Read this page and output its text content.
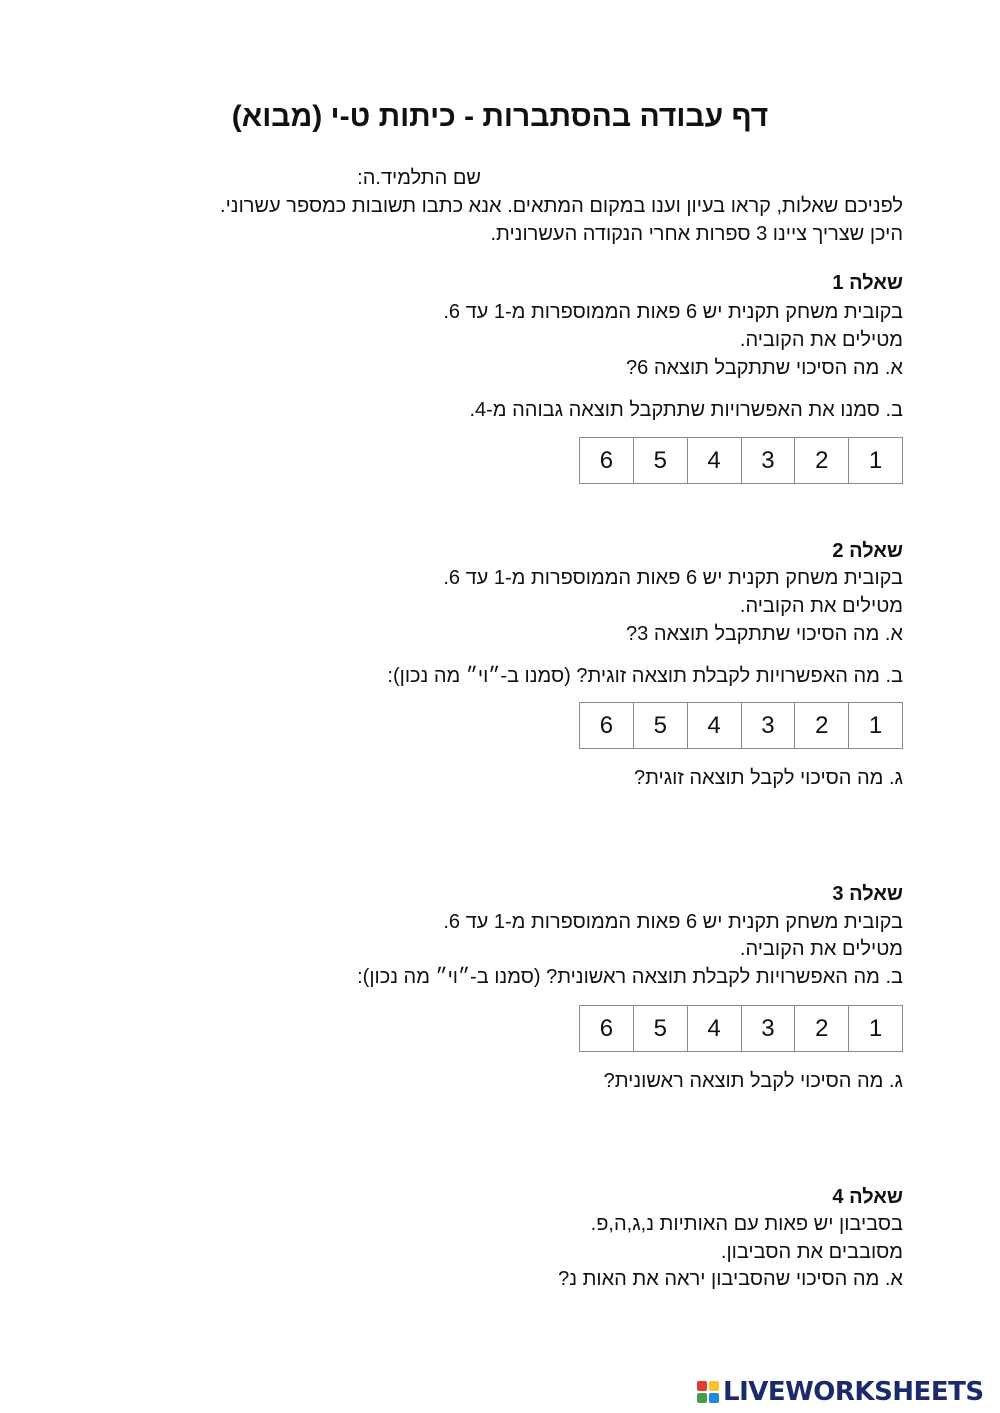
דף עבודה בהסתברות - כיתות ט-י (מבוא)
שם התלמיד.ה:
לפניכם שאלות, קראו בעיון וענו במקום המתאים. אנא כתבו תשובות כמספר עשרוני.
היכן שצריך ציינו 3 ספרות אחרי הנקודה העשרונית.
שאלה 1
בקובית משחק תקנית יש 6 פאות הממוספרות מ-1 עד 6.
מטילים את הקוביה.
א. מה הסיכוי שתתקבל תוצאה 6?
ב. סמנו את האפשרויות שתתקבל תוצאה גבוהה מ-4.
1
2
3
4
5
6
שאלה 2
בקובית משחק תקנית יש 6 פאות הממוספרות מ-1 עד 6.
מטילים את הקוביה.
א. מה הסיכוי שתתקבל תוצאה 3?
ב. מה האפשרויות לקבלת תוצאה זוגית? (סמנו ב-״וי״ מה נכון):
1
2
3
4
5
6
ג. מה הסיכוי לקבל תוצאה זוגית?
שאלה 3
בקובית משחק תקנית יש 6 פאות הממוספרות מ-1 עד 6.
מטילים את הקוביה.
ב. מה האפשרויות לקבלת תוצאה ראשונית? (סמנו ב-״וי״ מה נכון):
1
2
3
4
5
6
ג. מה הסיכוי לקבל תוצאה ראשונית?
שאלה 4
בסביבון יש פאות עם האותיות נ,ג,ה,פ.
מסובבים את הסביבון.
א. מה הסיכוי שהסביבון יראה את האות נ?
LIVEWORKSHEETS
